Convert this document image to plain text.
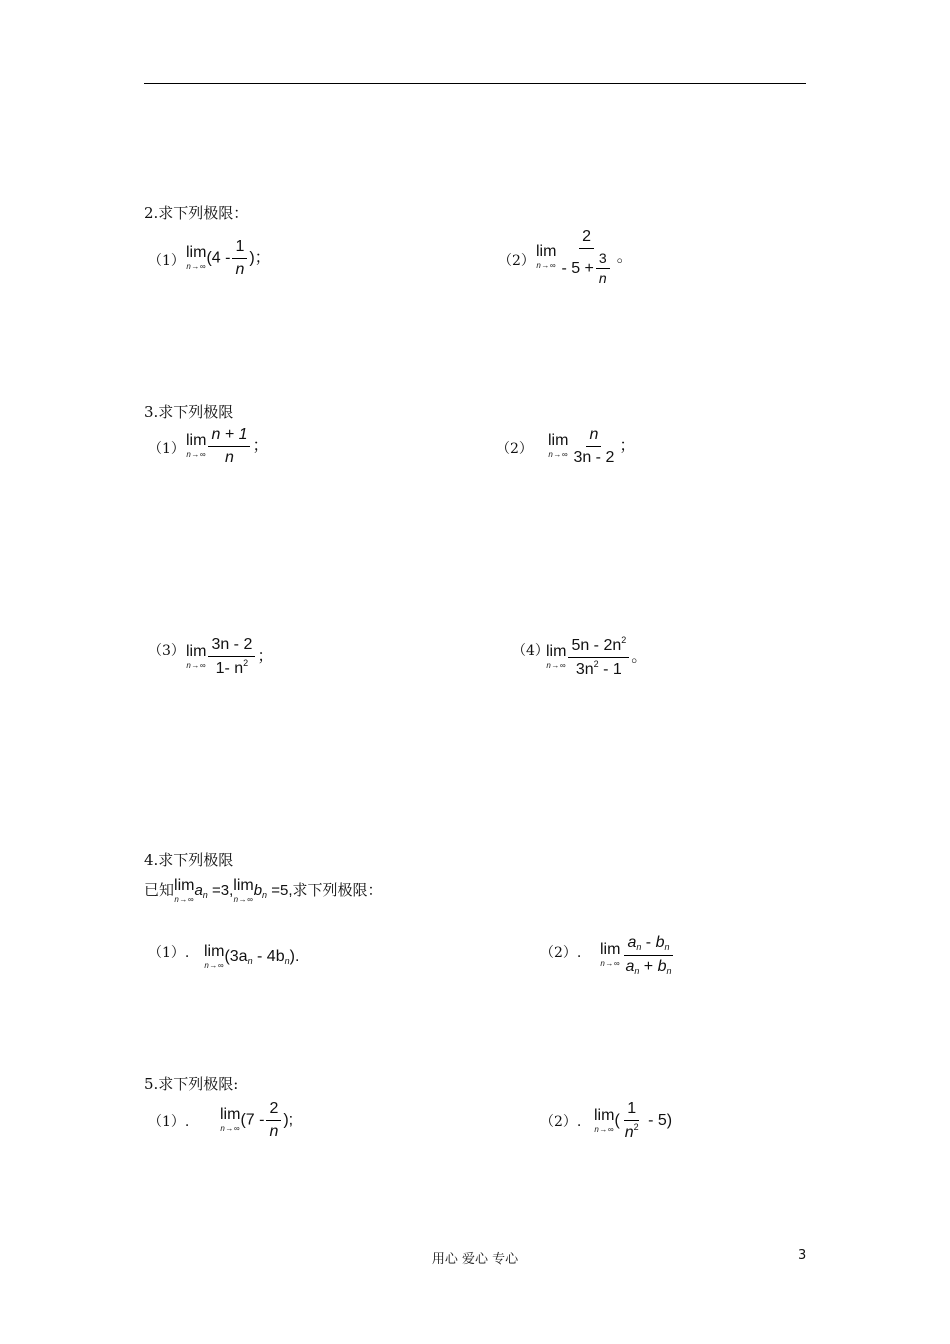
2.求下列极限：
（1） lim
n→∞
($4 - \frac{1}{n}$ )；	（2）
lim
$n\to\infty \frac{2}{- 5 + \frac{3}{n}}$ 。
3.求下列极限
（1） lim
$n\to\infty \frac{n + 1}{n}$ ；	（2） lim
$n\to\infty \frac{n}{3n - 2}$ ；
（3） lim
$n\to\infty \frac{3n - 2}{1- n^2}$ ；	（4）
lim
$n\to\infty \frac{5n - 2n^2}{3n^2 - 1}$ 。
4.求下列极限
已知 lim
n→∞
$a_n =3$, lim
n→∞
$b_n =5$,求下列极限：
（1）. lim
n→∞
$(3a_n - 4b_n)$.	（2）. lim
$n\to\infty \frac{a_n - b_n}{a_n + b_n}$
5.求下列极限:
（1）. lim
n→∞
($7 - \frac{2}{n}$ );	（2）. lim
n→∞
( $\frac{1}{n^2} - 5$)
用心 爱心 专心	3
